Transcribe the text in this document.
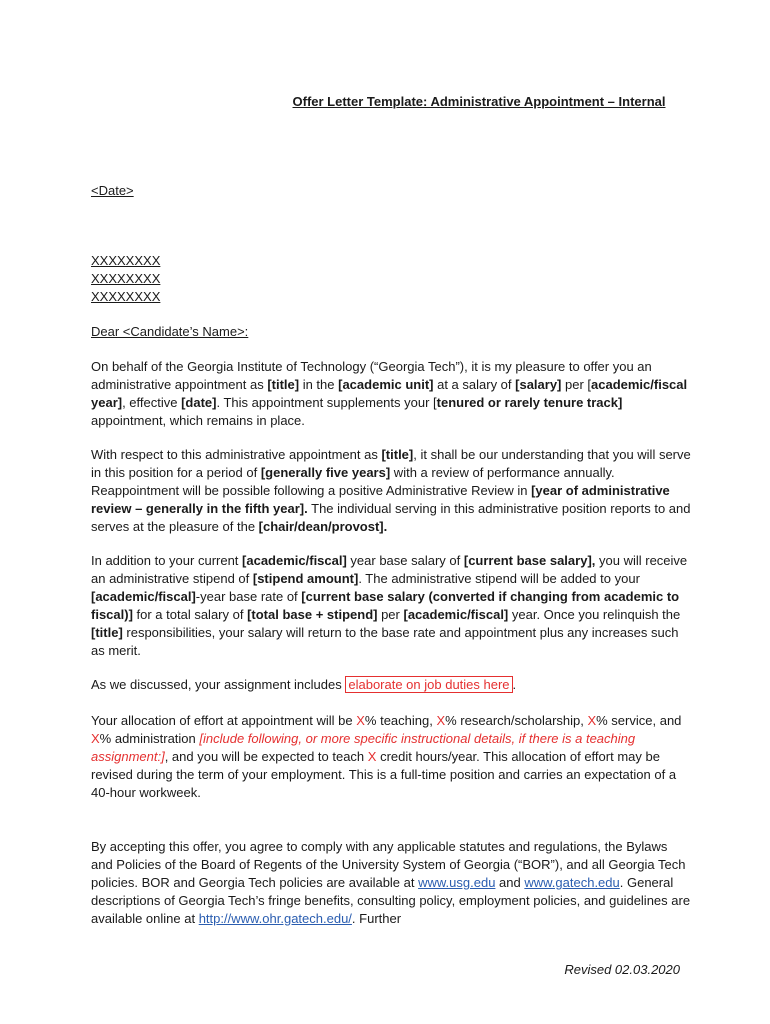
Offer Letter Template: Administrative Appointment – Internal
<Date>
XXXXXXXX
XXXXXXXX
XXXXXXXX
Dear <Candidate’s Name>:
On behalf of the Georgia Institute of Technology (“Georgia Tech”), it is my pleasure to offer you an administrative appointment as [title] in the [academic unit] at a salary of [salary] per [academic/fiscal year], effective [date]. This appointment supplements your [tenured or rarely tenure track] appointment, which remains in place.
With respect to this administrative appointment as [title], it shall be our understanding that you will serve in this position for a period of [generally five years] with a review of performance annually. Reappointment will be possible following a positive Administrative Review in [year of administrative review – generally in the fifth year]. The individual serving in this administrative position reports to and serves at the pleasure of the [chair/dean/provost].
In addition to your current [academic/fiscal] year base salary of [current base salary], you will receive an administrative stipend of [stipend amount]. The administrative stipend will be added to your [academic/fiscal]-year base rate of [current base salary (converted if changing from academic to fiscal)] for a total salary of [total base + stipend] per [academic/fiscal] year. Once you relinquish the [title] responsibilities, your salary will return to the base rate and appointment plus any increases such as merit.
As we discussed, your assignment includes elaborate on job duties here .
Your allocation of effort at appointment will be X% teaching, X% research/scholarship, X% service, and X% administration [include following, or more specific instructional details, if there is a teaching assignment:], and you will be expected to teach X credit hours/year. This allocation of effort may be revised during the term of your employment. This is a full-time position and carries an expectation of a 40-hour workweek.
By accepting this offer, you agree to comply with any applicable statutes and regulations, the Bylaws and Policies of the Board of Regents of the University System of Georgia (“BOR”), and all Georgia Tech policies. BOR and Georgia Tech policies are available at www.usg.edu and www.gatech.edu. General descriptions of Georgia Tech’s fringe benefits, consulting policy, employment policies, and guidelines are available online at http://www.ohr.gatech.edu/. Further
Revised 02.03.2020
